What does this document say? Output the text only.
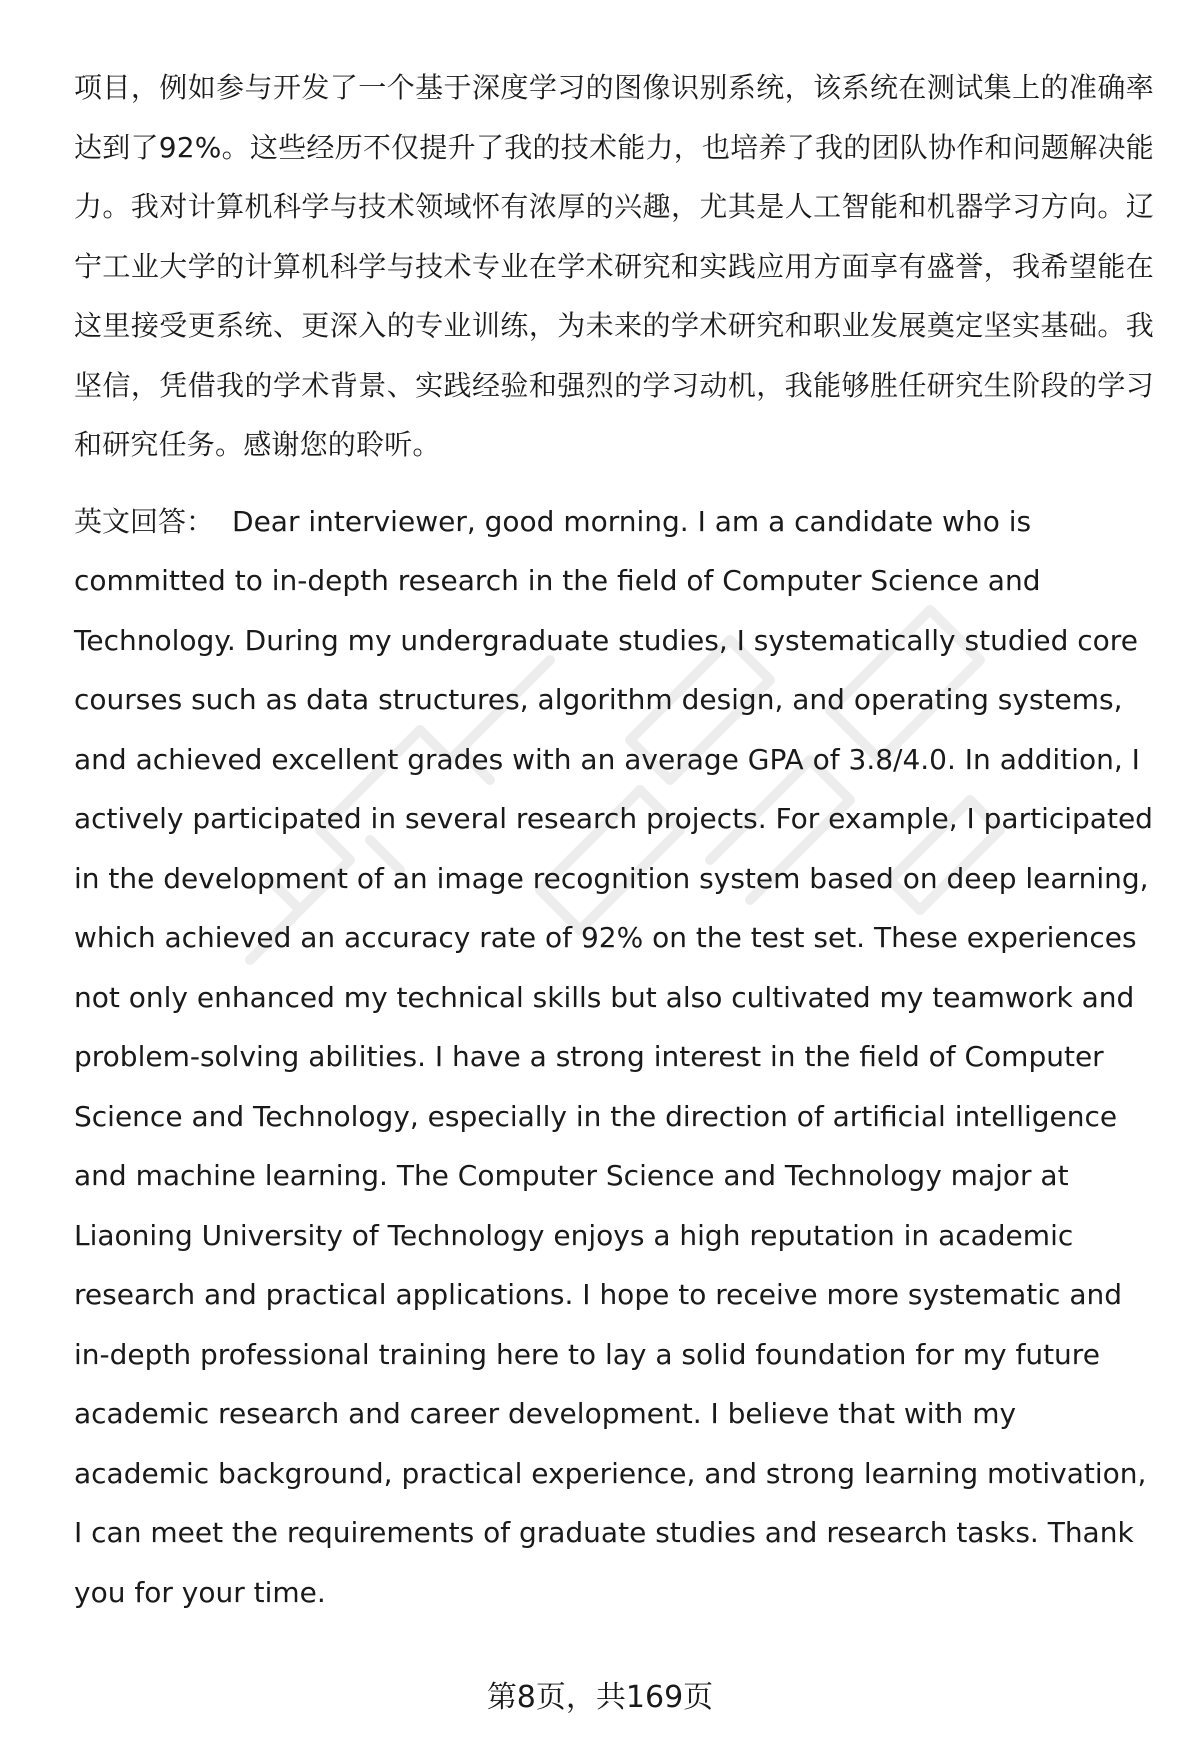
项目，例如参与开发了一个基于深度学习的图像识别系统，该系统在测试集上的准确率达到了92%。这些经历不仅提升了我的技术能力，也培养了我的团队协作和问题解决能力。我对计算机科学与技术领域怀有浓厚的兴趣，尤其是人工智能和机器学习方向。辽宁工业大学的计算机科学与技术专业在学术研究和实践应用方面享有盛誉，我希望能在这里接受更系统、更深入的专业训练，为未来的学术研究和职业发展奠定坚实基础。我坚信，凭借我的学术背景、实践经验和强烈的学习动机，我能够胜任研究生阶段的学习和研究任务。感谢您的聆听。

英文回答： Dear interviewer, good morning. I am a candidate who is committed to in-depth research in the field of Computer Science and Technology. During my undergraduate studies, I systematically studied core courses such as data structures, algorithm design, and operating systems, and achieved excellent grades with an average GPA of 3.8/4.0. In addition, I actively participated in several research projects. For example, I participated in the development of an image recognition system based on deep learning, which achieved an accuracy rate of 92% on the test set. These experiences not only enhanced my technical skills but also cultivated my teamwork and problem-solving abilities. I have a strong interest in the field of Computer Science and Technology, especially in the direction of artificial intelligence and machine learning. The Computer Science and Technology major at Liaoning University of Technology enjoys a high reputation in academic research and practical applications. I hope to receive more systematic and in-depth professional training here to lay a solid foundation for my future academic research and career development. I believe that with my academic background, practical experience, and strong learning motivation, I can meet the requirements of graduate studies and research tasks. Thank you for your time.

第8页，共169页
